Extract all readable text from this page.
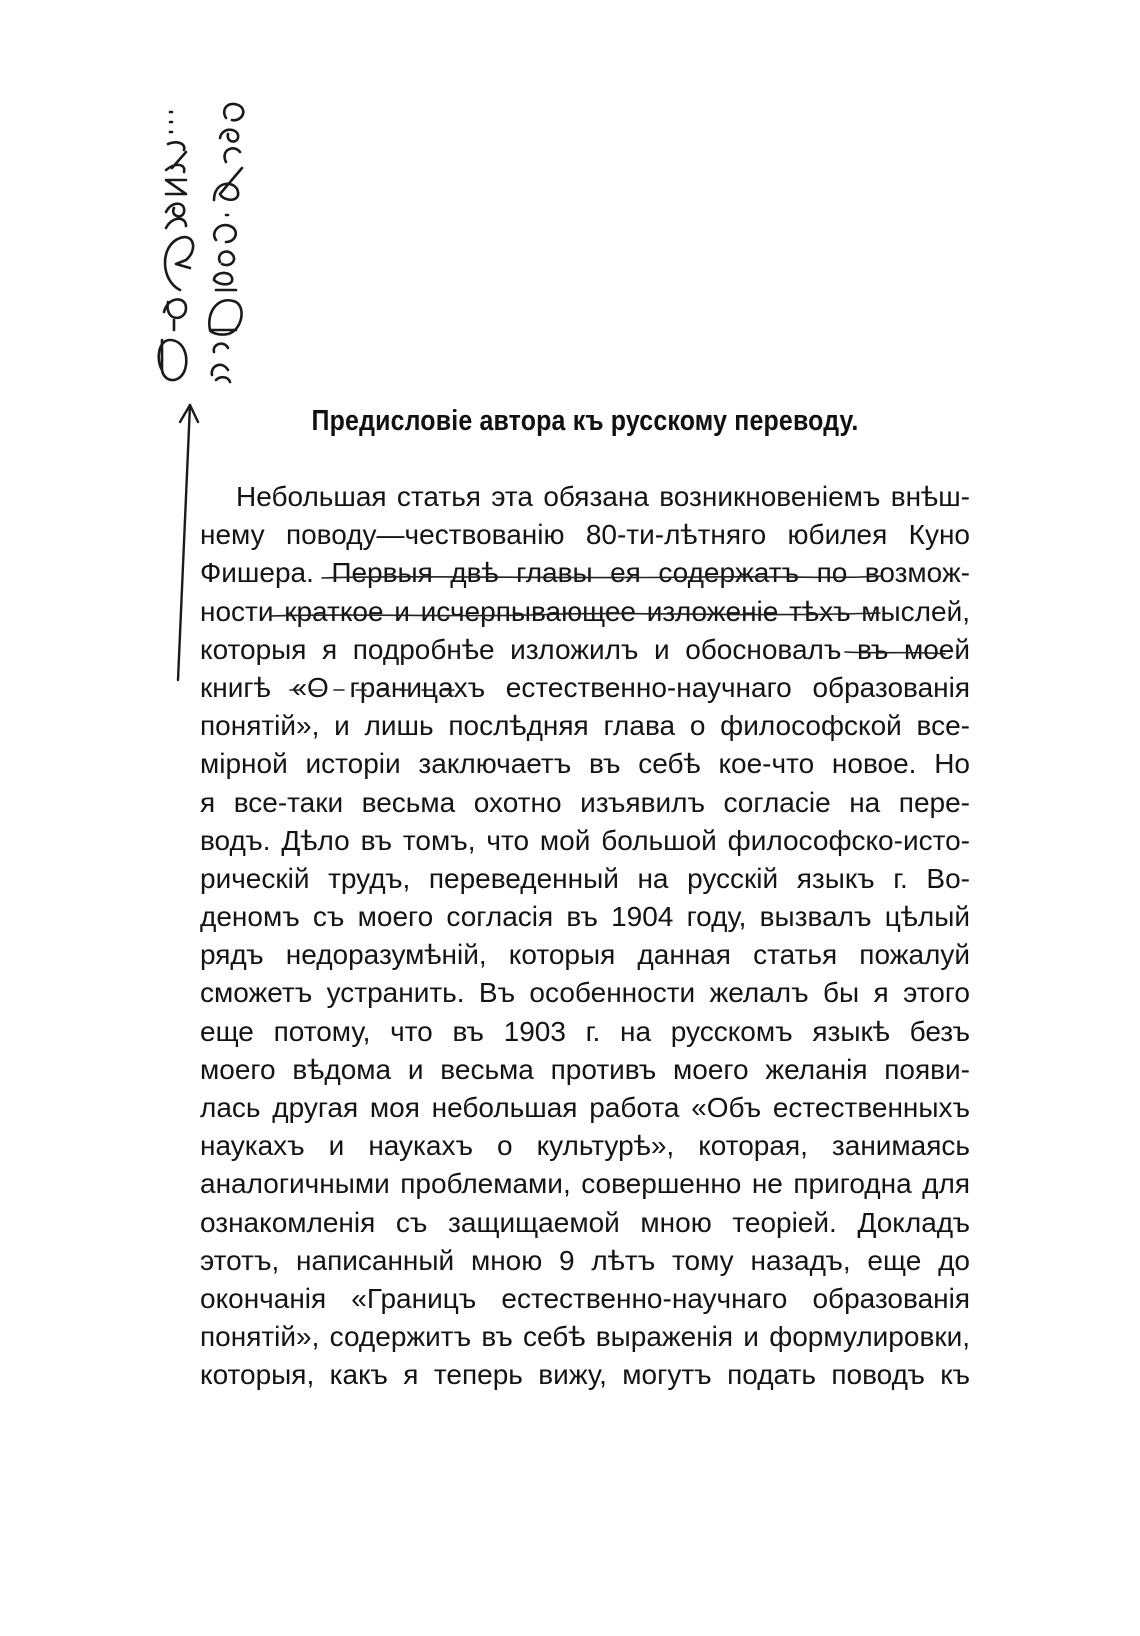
Предисловіе автора къ русскому переводу.
Небольшая статья эта обязана возникновеніемъ внѣш-
нему поводу—чествованію 80-ти-лѣтняго юбилея Куно
Фишера. Первыя двѣ главы ея содержатъ по возмож-
ности краткое и исчерпывающее изложеніе тѣхъ мыслей,
которыя я подробнѣе изложилъ и обосновалъ въ моей
книгѣ «О границахъ естественно-научнаго образованія
понятій», и лишь послѣдняя глава о философской все-
мірной исторіи заключаетъ въ себѣ кое-что новое. Но
я все-таки весьма охотно изъявилъ согласіе на пере-
водъ. Дѣло въ томъ, что мой большой философско-исто-
рическій трудъ, переведенный на русскій языкъ г. Во-
деномъ съ моего согласія въ 1904 году, вызвалъ цѣлый
рядъ недоразумѣній, которыя данная статья пожалуй
сможетъ устранить. Въ особенности желалъ бы я этого
еще потому, что въ 1903 г. на русскомъ языкѣ безъ
моего вѣдома и весьма противъ моего желанія появи-
лась другая моя небольшая работа «Объ естественныхъ
наукахъ и наукахъ о культурѣ», которая, занимаясь
аналогичными проблемами, совершенно не пригодна для
ознакомленія съ защищаемой мною теоріей. Докладъ
этотъ, написанный мною 9 лѣтъ тому назадъ, еще до
окончанія «Границъ естественно-научнаго образованія
понятій», содержитъ въ себѣ выраженія и формулировки,
которыя, какъ я теперь вижу, могутъ подать поводъ къ
